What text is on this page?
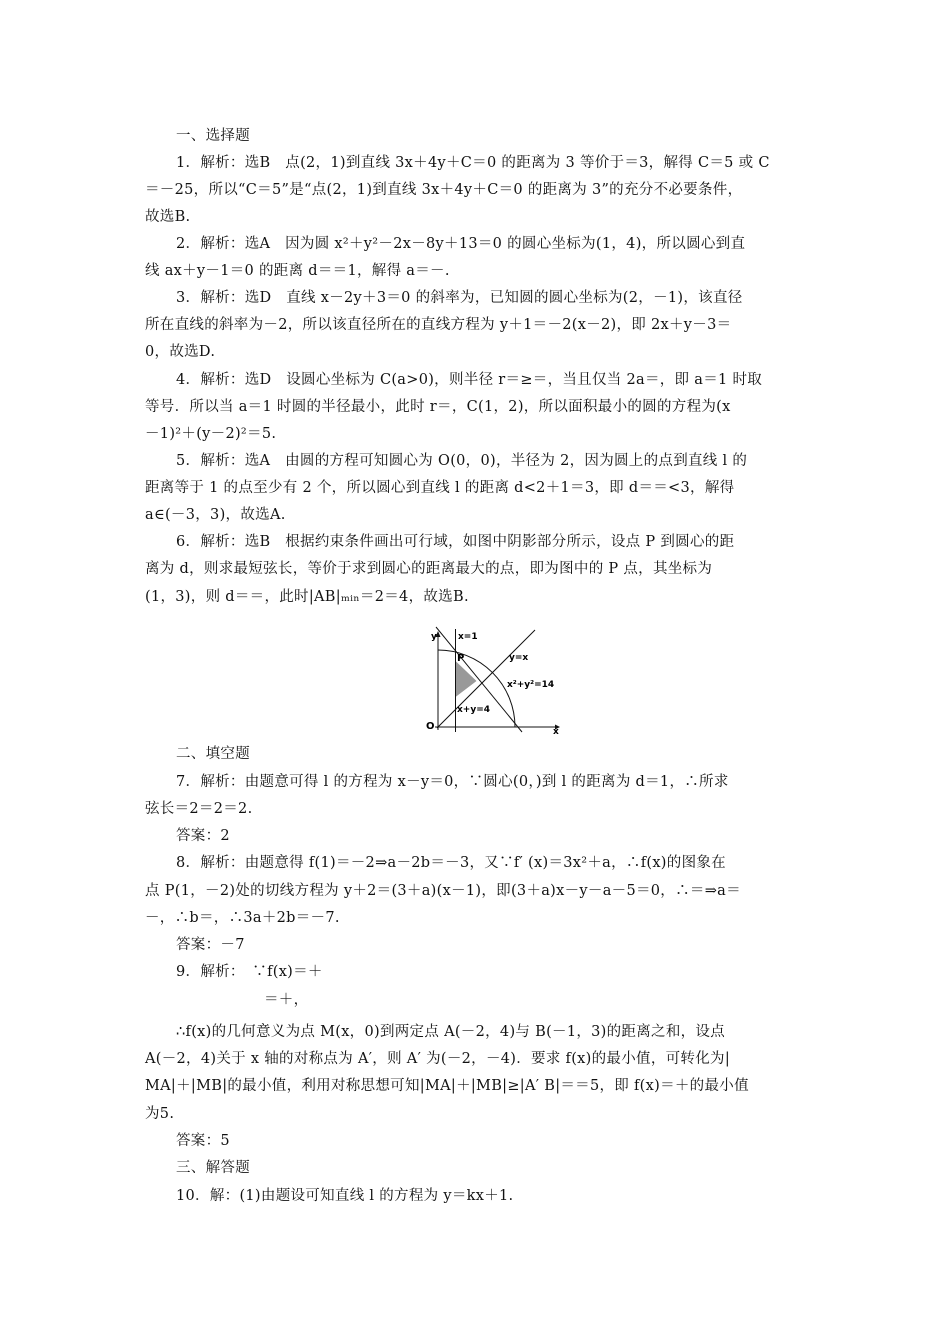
一、选择题
1．解析：选B　点(2，1)到直线 3x＋4y＋C＝0 的距离为 3 等价于＝3，解得 C＝5 或 C
＝－25，所以“C＝5”是“点(2，1)到直线 3x＋4y＋C＝0 的距离为 3”的充分不必要条件，
故选B.
2．解析：选A　因为圆 x²＋y²－2x－8y＋13＝0 的圆心坐标为(1，4)，所以圆心到直
线 ax＋y－1＝0 的距离 d＝＝1，解得 a＝－.
3．解析：选D　直线 x－2y＋3＝0 的斜率为，已知圆的圆心坐标为(2，－1)，该直径
所在直线的斜率为－2，所以该直径所在的直线方程为 y＋1＝－2(x－2)，即 2x＋y－3＝
0，故选D.
4．解析：选D　设圆心坐标为 C(a>0)，则半径 r＝≥＝，当且仅当 2a＝，即 a＝1 时取
等号．所以当 a＝1 时圆的半径最小，此时 r＝，C(1，2)，所以面积最小的圆的方程为(x
－1)²＋(y－2)²＝5.
5．解析：选A　由圆的方程可知圆心为 O(0，0)，半径为 2，因为圆上的点到直线 l 的
距离等于 1 的点至少有 2 个，所以圆心到直线 l 的距离 d<2＋1＝3，即 d＝＝<3，解得
a∈(－3，3)，故选A.
6．解析：选B　根据约束条件画出可行域，如图中阴影部分所示，设点 P 到圆心的距
离为 d，则求最短弦长，等价于求到圆心的距离最大的点，即为图中的 P 点，其坐标为
(1，3)，则 d＝＝，此时|AB|ₘᵢₙ＝2＝4，故选B.
y
x
O
x=1
P	y=x
x²+y²=14
x+y=4
二、填空题
7．解析：由题意可得 l 的方程为 x－y＝0，∵圆心(0，)到 l 的距离为 d＝1，∴所求
弦长＝2＝2＝2.
答案：2
8．解析：由题意得 f(1)＝－2⇒a－2b＝－3，又∵f′ (x)＝3x²＋a，∴f(x)的图象在
点 P(1，－2)处的切线方程为 y＋2＝(3＋a)(x－1)，即(3＋a)x－y－a－5＝0，∴＝⇒a＝
－，∴b＝，∴3a＋2b＝－7.
答案：－7
9．解析：　∵f(x)＝＋
＝＋，
∴f(x)的几何意义为点 M(x，0)到两定点 A(－2，4)与 B(－1，3)的距离之和，设点
A(－2，4)关于 x 轴的对称点为 A′，则 A′ 为(－2，－4)．要求 f(x)的最小值，可转化为|
MA|＋|MB|的最小值，利用对称思想可知|MA|＋|MB|≥|A′ B|＝＝5，即 f(x)＝＋的最小值
为5.
答案：5
三、解答题
10．解：(1)由题设可知直线 l 的方程为 y＝kx＋1.
